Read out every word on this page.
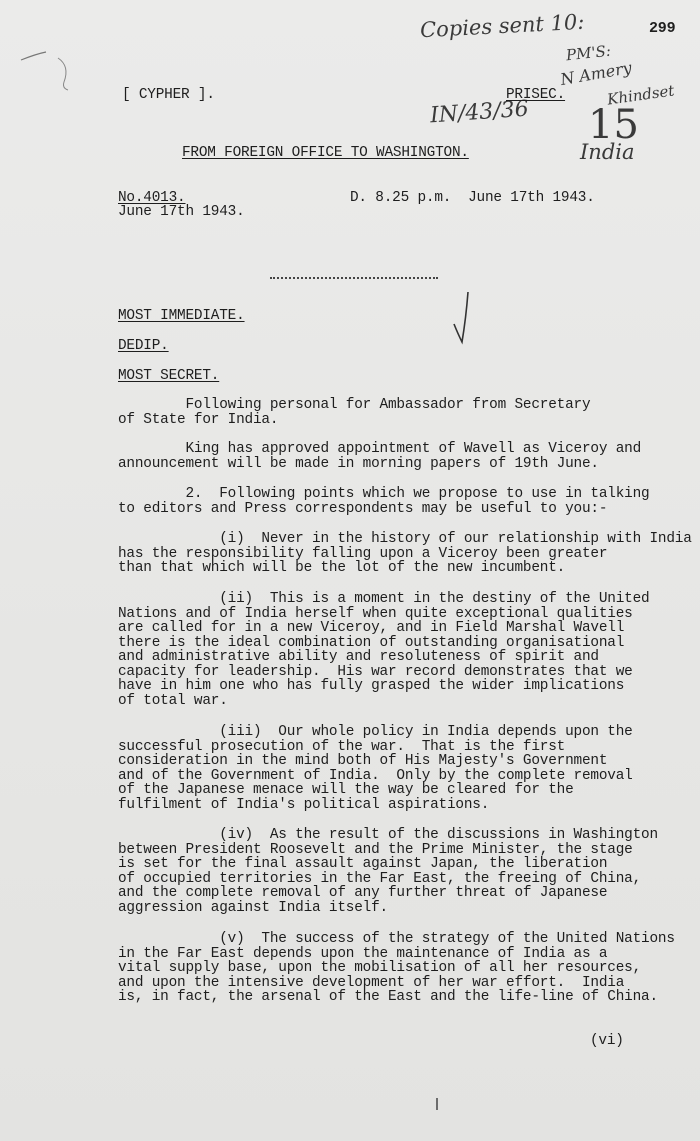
299
Copies sent 10:
PM'S:
N Amery
Khindset
IN/43/36 15
India
[ CYPHER ].	PRISEC.
FROM FOREIGN OFFICE TO WASHINGTON.
No.4013.
June 17th 1943.
D. 8.25 p.m.  June 17th 1943.
MOST IMMEDIATE.
DEDIP.
MOST SECRET.
Following personal for Ambassador from Secretary
of State for India.
King has approved appointment of Wavell as Viceroy and
announcement will be made in morning papers of 19th June.
2.  Following points which we propose to use in talking
to editors and Press correspondents may be useful to you:-
(i)  Never in the history of our relationship with India
has the responsibility falling upon a Viceroy been greater
than that which will be the lot of the new incumbent.
(ii)  This is a moment in the destiny of the United
Nations and of India herself when quite exceptional qualities
are called for in a new Viceroy, and in Field Marshal Wavell
there is the ideal combination of outstanding organisational
and administrative ability and resoluteness of spirit and
capacity for leadership.  His war record demonstrates that we
have in him one who has fully grasped the wider implications
of total war.
(iii)  Our whole policy in India depends upon the
successful prosecution of the war.  That is the first
consideration in the mind both of His Majesty's Government
and of the Government of India.  Only by the complete removal
of the Japanese menace will the way be cleared for the
fulfilment of India's political aspirations.
(iv)  As the result of the discussions in Washington
between President Roosevelt and the Prime Minister, the stage
is set for the final assault against Japan, the liberation
of occupied territories in the Far East, the freeing of China,
and the complete removal of any further threat of Japanese
aggression against India itself.
(v)  The success of the strategy of the United Nations
in the Far East depends upon the maintenance of India as a
vital supply base, upon the mobilisation of all her resources,
and upon the intensive development of her war effort.  India
is, in fact, the arsenal of the East and the life-line of China.
(vi)
